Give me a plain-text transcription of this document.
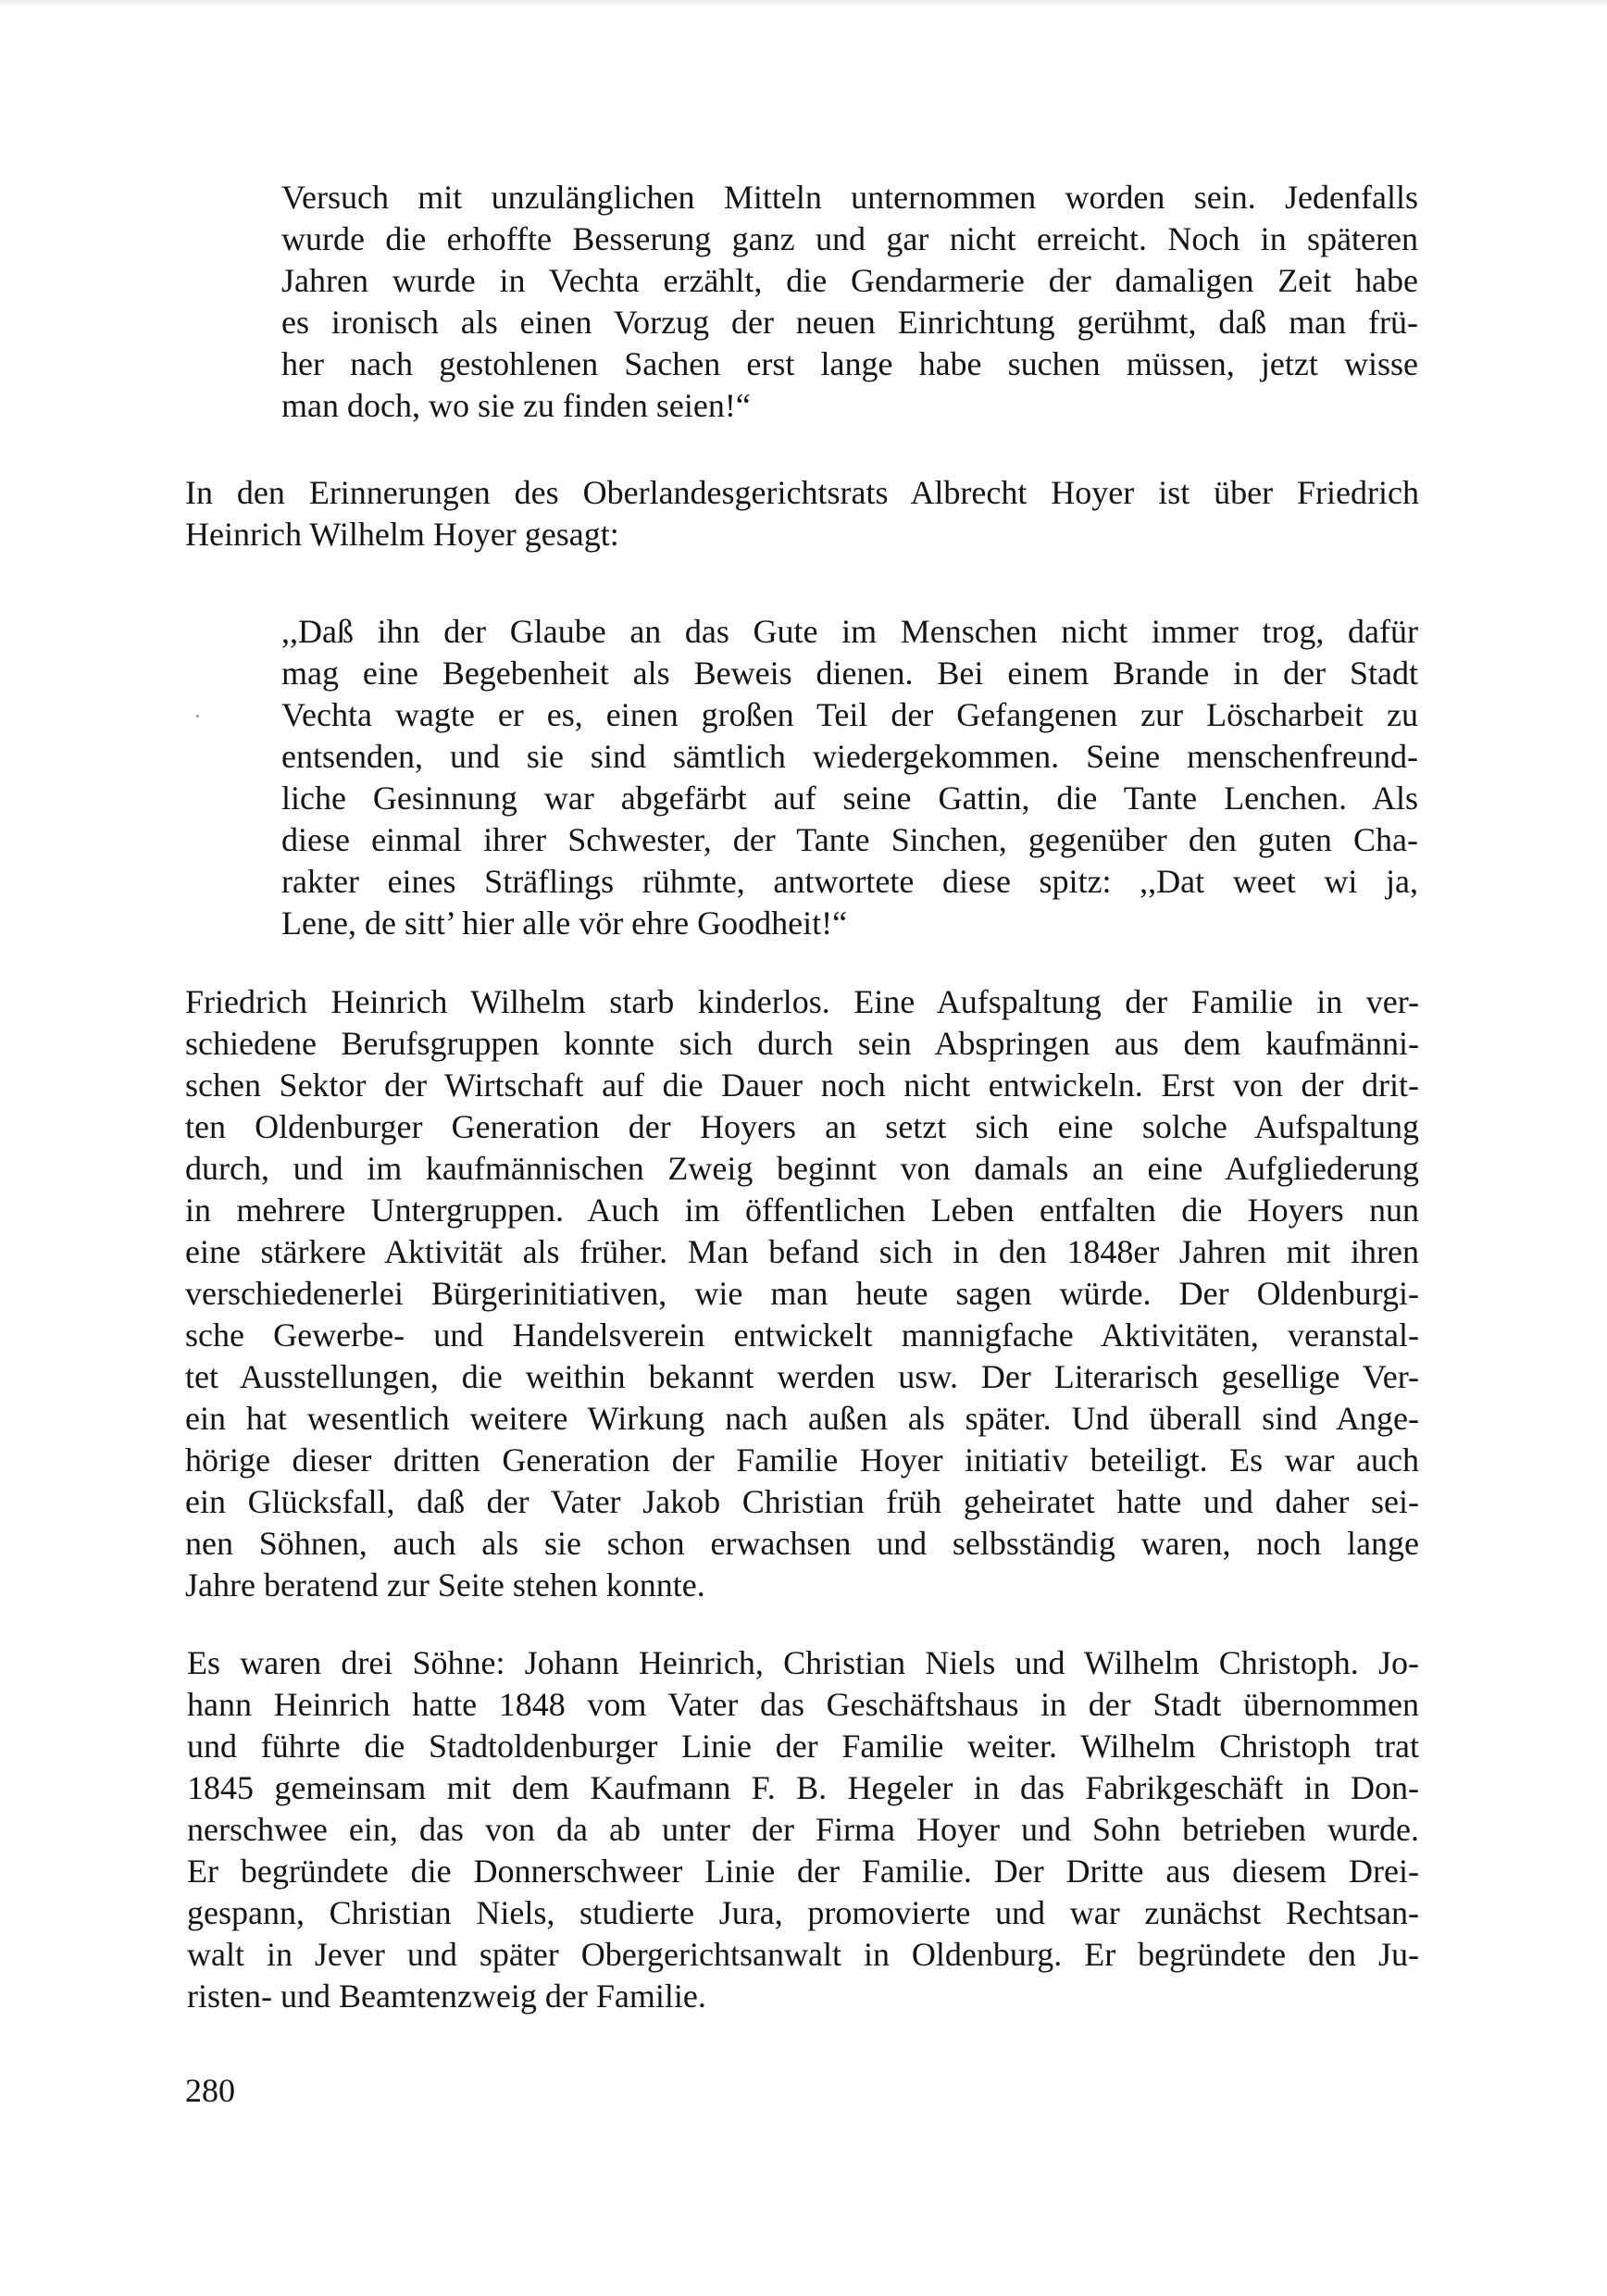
Versuch mit unzulänglichen Mitteln unternommen worden sein. Jedenfalls
wurde die erhoffte Besserung ganz und gar nicht erreicht. Noch in späteren
Jahren wurde in Vechta erzählt, die Gendarmerie der damaligen Zeit habe
es ironisch als einen Vorzug der neuen Einrichtung gerühmt, daß man frü-
her nach gestohlenen Sachen erst lange habe suchen müssen, jetzt wisse
man doch, wo sie zu finden seien!“
In den Erinnerungen des Oberlandesgerichtsrats Albrecht Hoyer ist über Friedrich
Heinrich Wilhelm Hoyer gesagt:
,,Daß ihn der Glaube an das Gute im Menschen nicht immer trog, dafür
mag eine Begebenheit als Beweis dienen. Bei einem Brande in der Stadt
Vechta wagte er es, einen großen Teil der Gefangenen zur Löscharbeit zu
entsenden, und sie sind sämtlich wiedergekommen. Seine menschenfreund-
liche Gesinnung war abgefärbt auf seine Gattin, die Tante Lenchen. Als
diese einmal ihrer Schwester, der Tante Sinchen, gegenüber den guten Cha-
rakter eines Sträflings rühmte, antwortete diese spitz: ,,Dat weet wi ja,
Lene, de sitt’ hier alle vör ehre Goodheit!“
Friedrich Heinrich Wilhelm starb kinderlos. Eine Aufspaltung der Familie in ver-
schiedene Berufsgruppen konnte sich durch sein Abspringen aus dem kaufmänni-
schen Sektor der Wirtschaft auf die Dauer noch nicht entwickeln. Erst von der drit-
ten Oldenburger Generation der Hoyers an setzt sich eine solche Aufspaltung
durch, und im kaufmännischen Zweig beginnt von damals an eine Aufgliederung
in mehrere Untergruppen. Auch im öffentlichen Leben entfalten die Hoyers nun
eine stärkere Aktivität als früher. Man befand sich in den 1848er Jahren mit ihren
verschiedenerlei Bürgerinitiativen, wie man heute sagen würde. Der Oldenburgi-
sche Gewerbe- und Handelsverein entwickelt mannigfache Aktivitäten, veranstal-
tet Ausstellungen, die weithin bekannt werden usw. Der Literarisch gesellige Ver-
ein hat wesentlich weitere Wirkung nach außen als später. Und überall sind Ange-
hörige dieser dritten Generation der Familie Hoyer initiativ beteiligt. Es war auch
ein Glücksfall, daß der Vater Jakob Christian früh geheiratet hatte und daher sei-
nen Söhnen, auch als sie schon erwachsen und selbsständig waren, noch lange
Jahre beratend zur Seite stehen konnte.
Es waren drei Söhne: Johann Heinrich, Christian Niels und Wilhelm Christoph. Jo-
hann Heinrich hatte 1848 vom Vater das Geschäftshaus in der Stadt übernommen
und führte die Stadtoldenburger Linie der Familie weiter. Wilhelm Christoph trat
1845 gemeinsam mit dem Kaufmann F. B. Hegeler in das Fabrikgeschäft in Don-
nerschwee ein, das von da ab unter der Firma Hoyer und Sohn betrieben wurde.
Er begründete die Donnerschweer Linie der Familie. Der Dritte aus diesem Drei-
gespann, Christian Niels, studierte Jura, promovierte und war zunächst Rechtsan-
walt in Jever und später Obergerichtsanwalt in Oldenburg. Er begründete den Ju-
risten- und Beamtenzweig der Familie.
280
